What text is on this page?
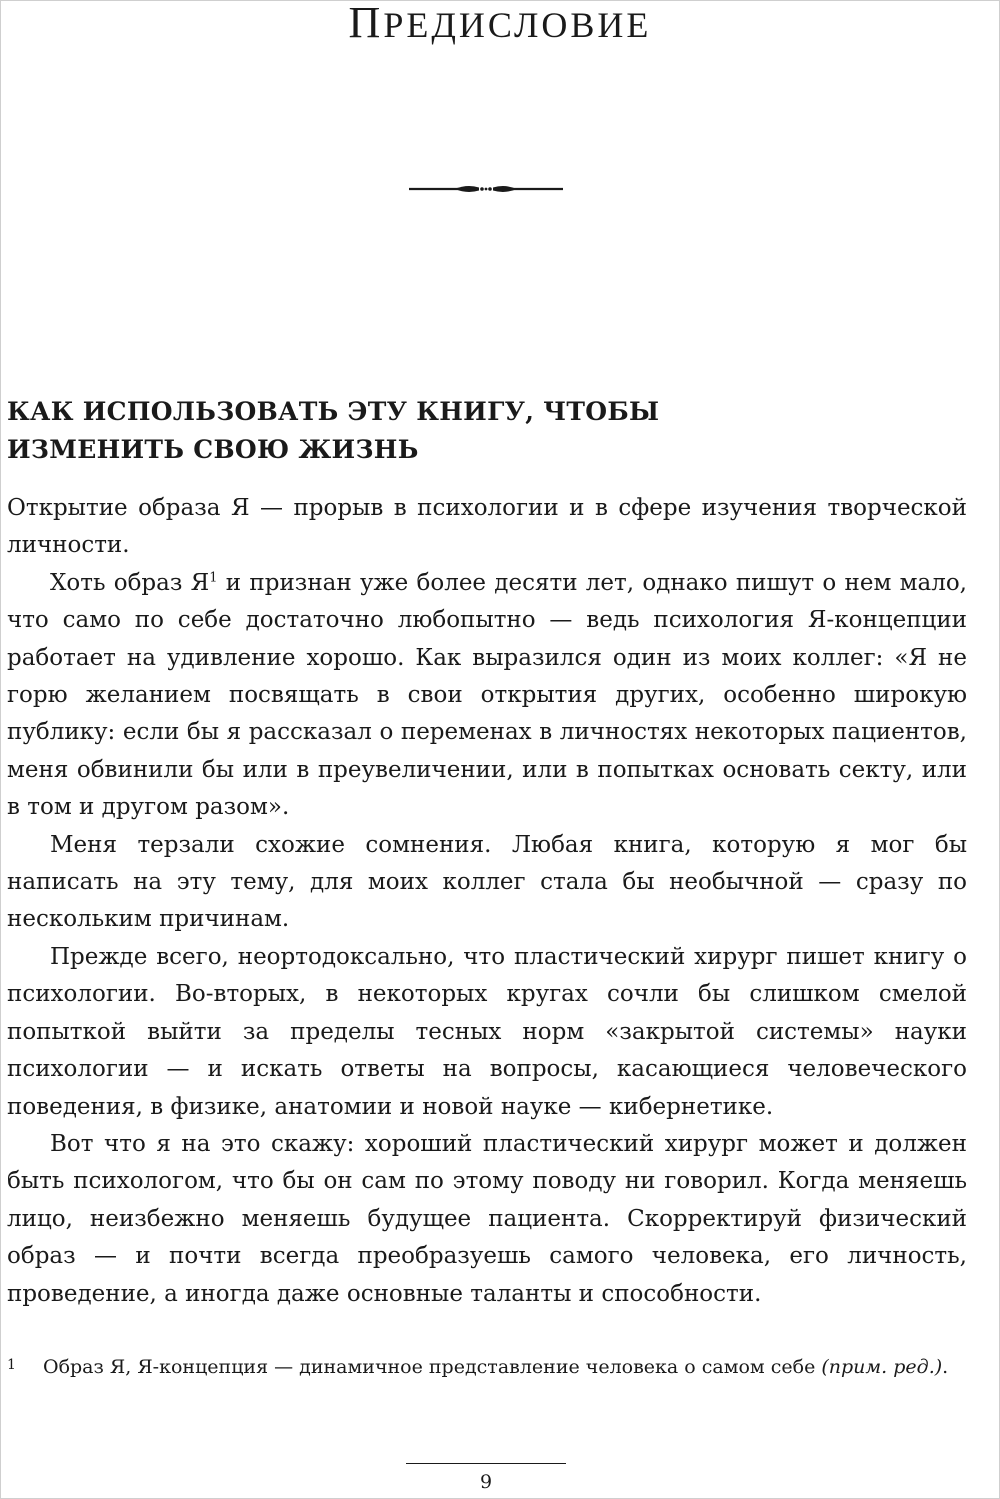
ПРЕДИСЛОВИЕ
КАК ИСПОЛЬЗОВАТЬ ЭТУ КНИГУ, ЧТОБЫ
ИЗМЕНИТЬ СВОЮ ЖИЗНЬ

Открытие образа Я — прорыв в психологии и в сфере изучения творческой личности.

Хоть образ Я$^1$ и признан уже более десяти лет, однако пишут о нем мало, что само по себе достаточно любопытно — ведь психология Я-концепции работает на удивление хорошо. Как выразился один из моих коллег: «Я не горю желанием посвящать в свои открытия других, особенно широкую публику: если бы я рассказал о переменах в личностях некоторых пациентов, меня обвинили бы или в преувеличении, или в попытках основать секту, или в том и другом разом».

Меня терзали схожие сомнения. Любая книга, которую я мог бы написать на эту тему, для моих коллег стала бы необычной — сразу по нескольким причинам.

Прежде всего, неортодоксально, что пластический хирург пишет книгу о психологии. Во-вторых, в некоторых кругах сочли бы слишком смелой попыткой выйти за пределы тесных норм «закрытой системы» науки психологии — и искать ответы на вопросы, касающиеся человеческого поведения, в физике, анатомии и новой науке — кибернетике.

Вот что я на это скажу: хороший пластический хирург может и должен быть психологом, что бы он сам по этому поводу ни говорил. Когда меняешь лицо, неизбежно меняешь будущее пациента. Скорректируй физический образ — и почти всегда преобразуешь самого человека, его личность, проведение, а иногда даже основные таланты и способности.

1 Образ Я, Я-концепция — динамичное представление человека о самом себе (прим. ред.).
9
